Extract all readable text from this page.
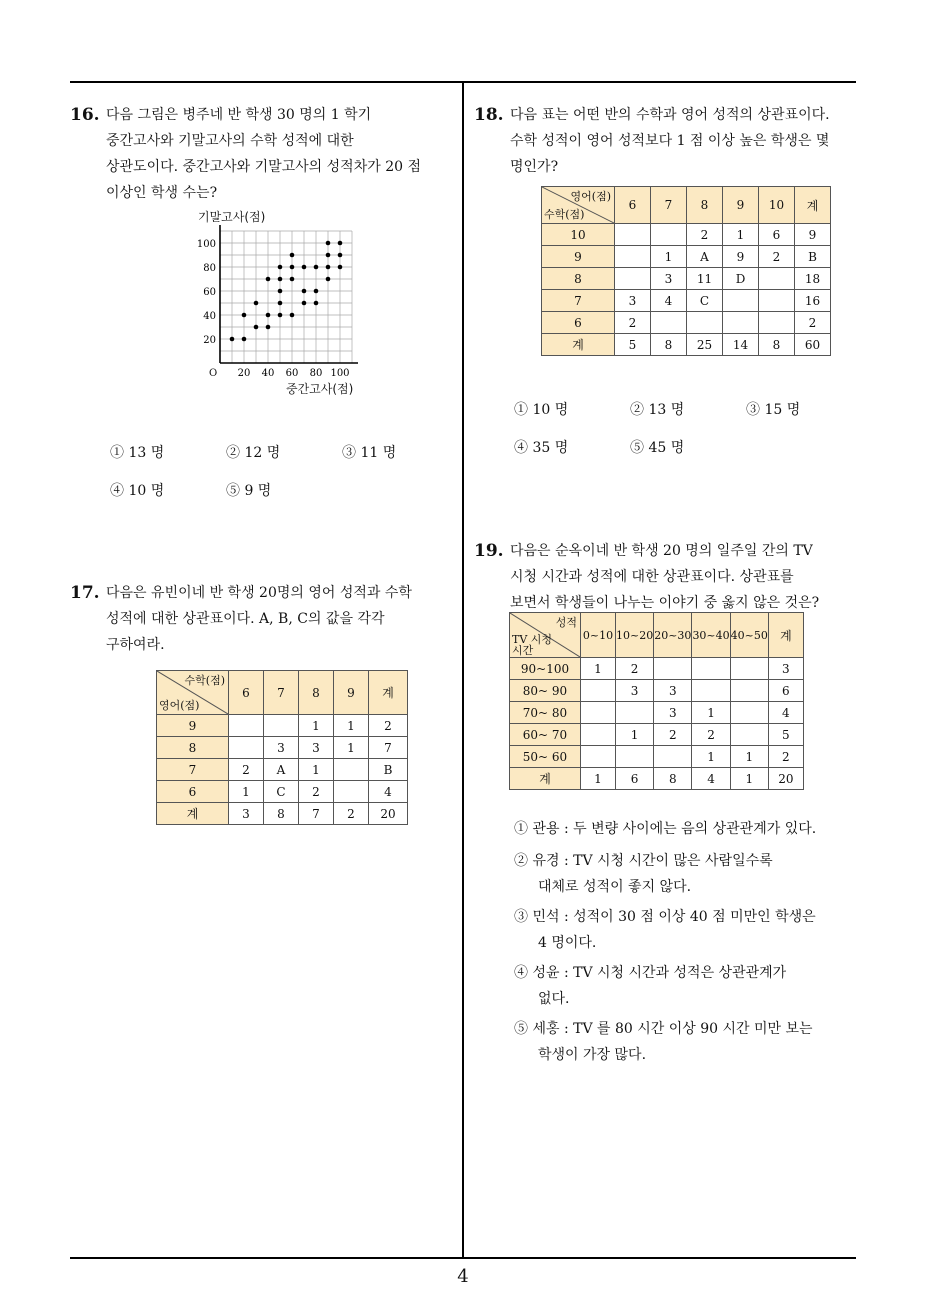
4
16. 다음 그림은 병주네 반 학생 30 명의 1 학기
중간고사와 기말고사의 수학 성적에 대한
상관도이다. 중간고사와 기말고사의 성적차가 20 점
이상인 학생 수는?
기말고사(점)
20 40 60 80 100
20
40
60
80
100
O
중간고사(점)
① 13 명	② 12 명	③ 11 명
④ 10 명	⑤ 9 명
17. 다음은 유빈이네 반 학생 20명의 영어 성적과 수학
성적에 대한 상관표이다. A, B, C의 값을 각각
구하여라.
수학(점)
영어(점)	6	7	8	9	계
9			1	1	2
8		3	3	1	7
7	2	A	1		B
6	1	C	2		4
계	3	8	7	2	20
18. 다음 표는 어떤 반의 수학과 영어 성적의 상관표이다.
수학 성적이 영어 성적보다 1 점 이상 높은 학생은 몇
명인가?
영어(점)
수학(점)	6	7	8	9	10	계
10			2	1	6	9
9		1	A	9	2	B
8		3	11	D		18
7	3	4	C			16
6	2					2
계	5	8	25	14	8	60
① 10 명	② 13 명	③ 15 명
④ 35 명	⑤ 45 명
19. 다음은 순옥이네 반 학생 20 명의 일주일 간의 TV
시청 시간과 성적에 대한 상관표이다. 상관표를
보면서 학생들이 나누는 이야기 중 옳지 않은 것은?
성적
TV 시청시간	0~10	10~20	20~30	30~40	40~50	계
90~100	1	2				3
80~ 90		3	3			6
70~ 80			3	1		4
60~ 70		1	2	2		5
50~ 60				1	1	2
계	1	6	8	4	1	20
① 관용 : 두 변량 사이에는 음의 상관관계가 있다.
② 유경 : TV 시청 시간이 많은 사람일수록
대체로 성적이 좋지 않다.
③ 민석 : 성적이 30 점 이상 40 점 미만인 학생은
4 명이다.
④ 성윤 : TV 시청 시간과 성적은 상관관계가
없다.
⑤ 세홍 : TV 를 80 시간 이상 90 시간 미만 보는
학생이 가장 많다.
